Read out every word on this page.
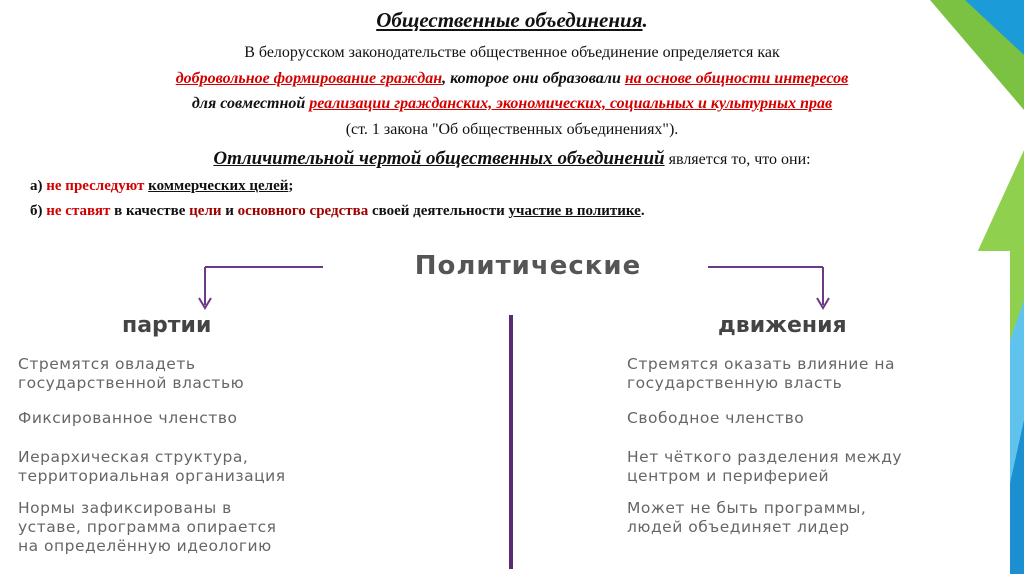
Общественные объединения.
В белорусском законодательстве общественное объединение определяется как
добровольное формирование граждан, которое они образовали на основе общности интересов
для совместной реализации гражданских, экономических, социальных и культурных прав
(ст. 1 закона "Об общественных объединениях").
Отличительной чертой общественных объединений является то, что они:
а) не преследуют коммерческих целей;
б) не ставят в качестве цели и основного средства своей деятельности участие в политике.
Политические
партии	движения
Стремятся овладеть
государственной властью
Фиксированное членство
Иерархическая структура,
территориальная организация
Нормы зафиксированы в
уставе, программа опирается
на определённую идеологию
Стремятся оказать влияние на
государственную власть
Свободное членство
Нет чёткого разделения между
центром и периферией
Может не быть программы,
людей объединяет лидер
